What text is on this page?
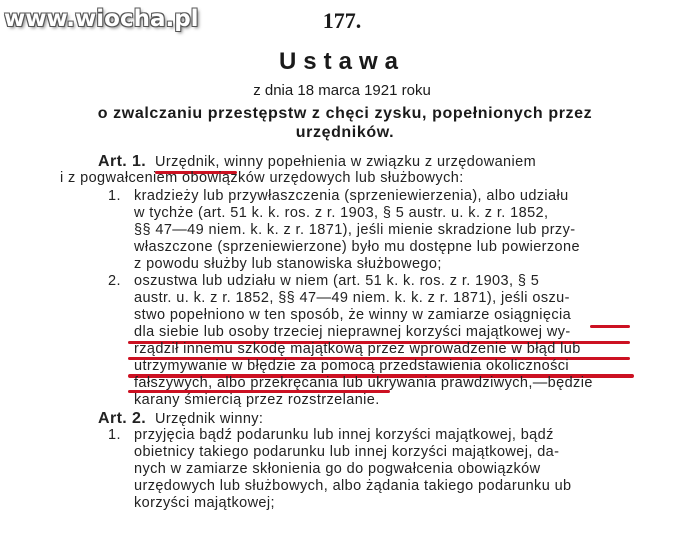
www.wiocha.pl	177.
Ustawa
z dnia 18 marca 1921 roku
o zwalczaniu przestępstw z chęci zysku, popełnionych przez
urzędników.
Art. 1.  Urzędnik, winny popełnienia w związku z urzędowaniem
i z pogwałceniem obowiązków urzędowych lub służbowych:
1. kradzieży lub przywłaszczenia (sprzeniewierzenia), albo udziału
w tychże (art. 51 k. k. ros. z r. 1903, § 5 austr. u. k. z r. 1852,
§§ 47—49 niem. k. k. z r. 1871), jeśli mienie skradzione lub przy-
właszczone (sprzeniewierzone) było mu dostępne lub powierzone
z powodu służby lub stanowiska służbowego;
2. oszustwa lub udziału w niem (art. 51 k. k. ros. z r. 1903, § 5
austr. u. k. z r. 1852, §§ 47—49 niem. k. k. z r. 1871), jeśli oszu-
stwo popełniono w ten sposób, że winny w zamiarze osiągnięcia
dla siebie lub osoby trzeciej nieprawnej korzyści majątkowej wy-
rządził innemu szkodę majątkową przez wprowadzenie w błąd lub
utrzymywanie w błędzie za pomocą przedstawienia okoliczności
fałszywych, albo przekręcania lub ukrywania prawdziwych,—będzie
karany śmiercią przez rozstrzelanie.
Art. 2.  Urzędnik winny:
1. przyjęcia bądź podarunku lub innej korzyści majątkowej, bądź
obietnicy takiego podarunku lub innej korzyści majątkowej, da-
nych w zamiarze skłonienia go do pogwałcenia obowiązków
urzędowych lub służbowych, albo żądania takiego podarunku ub
korzyści majątkowej;
